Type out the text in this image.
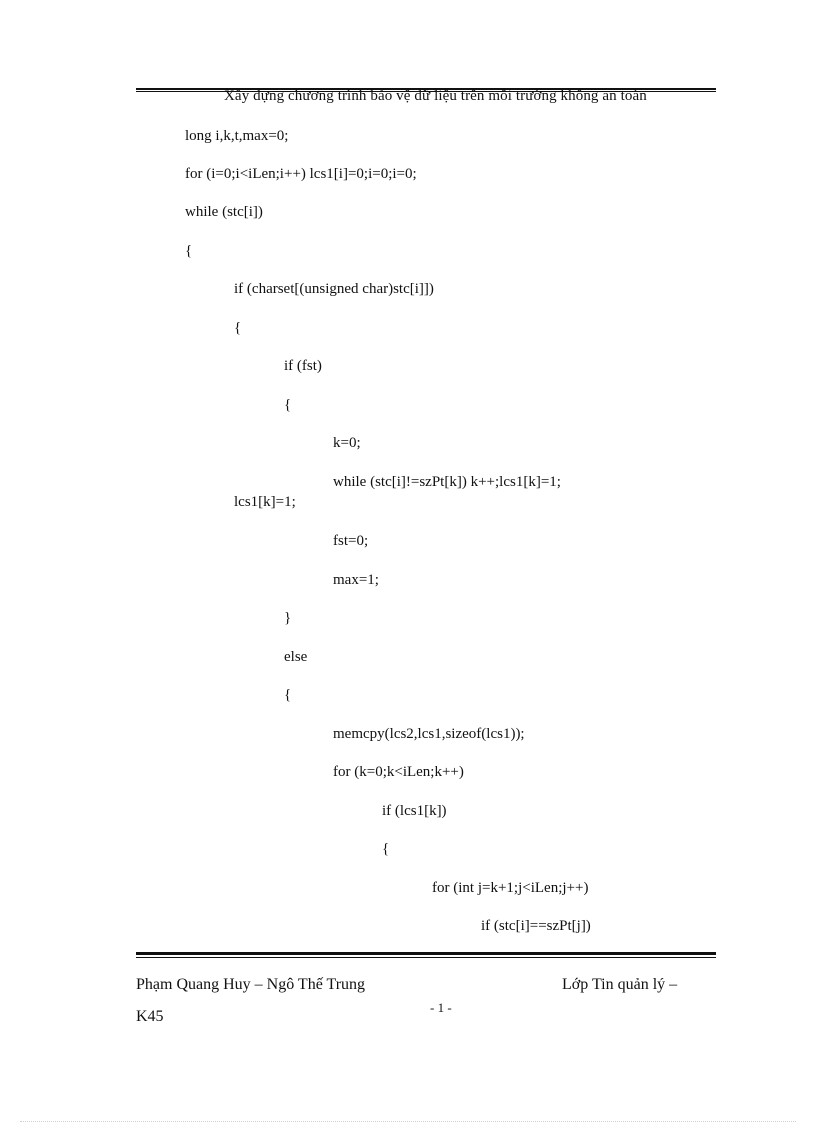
Xây dựng chương trình bảo vệ dữ liệu trên môi trường không an toàn
long i,k,t,max=0;
for (i=0;i<iLen;i++) lcs1[i]=0;i=0;i=0;
while (stc[i])
{
if (charset[(unsigned char)stc[i]])
{
if (fst)
{
k=0;
while (stc[i]!=szPt[k]) k++;lcs1[k]=1;
lcs1[k]=1;
fst=0;
max=1;
}
else
{
memcpy(lcs2,lcs1,sizeof(lcs1));
for (k=0;k<iLen;k++)
if (lcs1[k])
{
for (int j=k+1;j<iLen;j++)
if (stc[i]==szPt[j])
Phạm Quang Huy – Ngô Thế Trung	Lớp Tin quản lý –
K45
- 1 -
